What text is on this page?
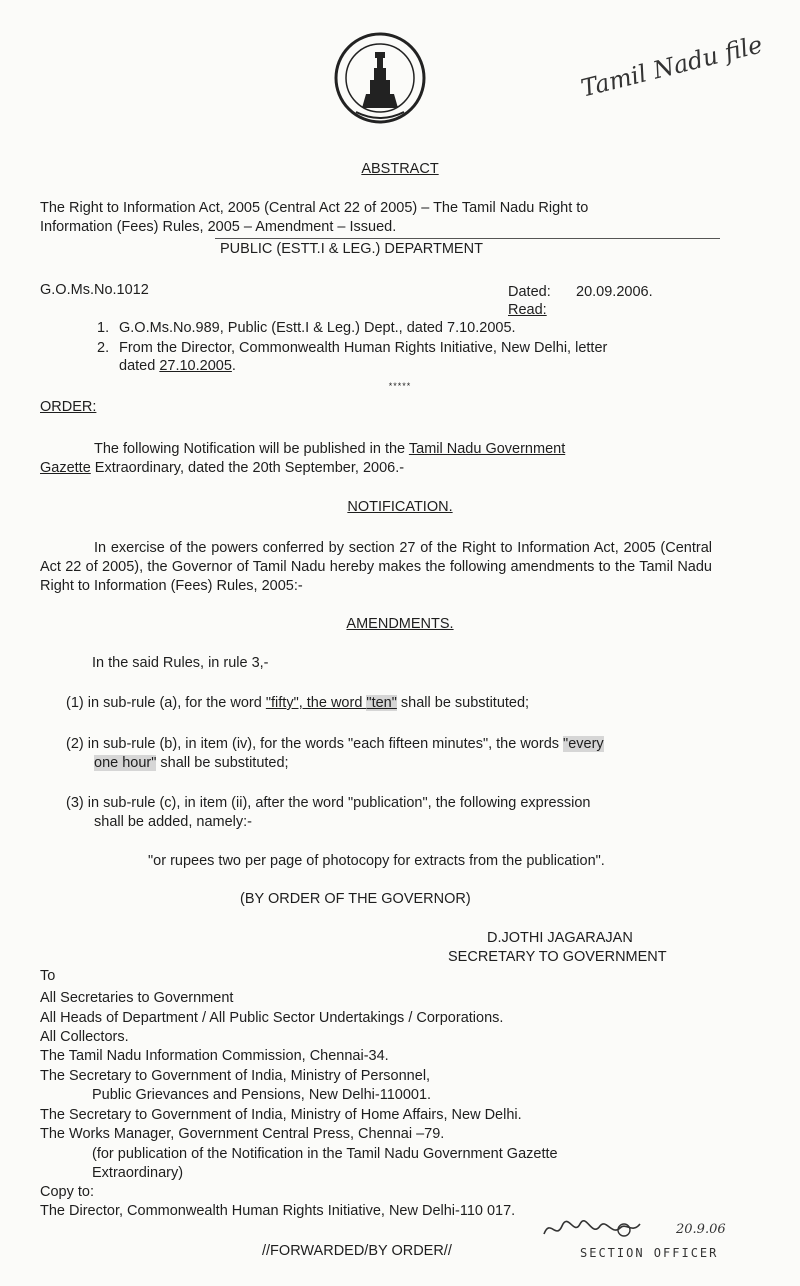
Tamil Nadu file
ABSTRACT
The Right to Information Act, 2005 (Central Act 22 of 2005) – The Tamil Nadu Right to
Information (Fees) Rules, 2005 – Amendment – Issued.
PUBLIC (ESTT.I & LEG.) DEPARTMENT
G.O.Ms.No.1012	Dated: 20.09.2006.
Read:
1. G.O.Ms.No.989, Public (Estt.I & Leg.) Dept., dated 7.10.2005.
2. From the Director, Commonwealth Human Rights Initiative, New Delhi, letter
dated 27.10.2005.
*****
ORDER:
The following Notification will be published in the Tamil Nadu Government
Gazette Extraordinary, dated the 20th September, 2006.-
NOTIFICATION.
In exercise of the powers conferred by section 27 of the Right to Information Act, 2005 (Central Act 22 of 2005), the Governor of Tamil Nadu hereby makes the following amendments to the Tamil Nadu Right to Information (Fees) Rules, 2005:-
AMENDMENTS.
In the said Rules, in rule 3,-
(1) in sub-rule (a), for the word "fifty", the word "ten" shall be substituted;
(2) in sub-rule (b), in item (iv), for the words "each fifteen minutes", the words "every
one hour" shall be substituted;
(3) in sub-rule (c), in item (ii), after the word "publication", the following expression
shall be added, namely:-
"or rupees two per page of photocopy for extracts from the publication".
(BY ORDER OF THE GOVERNOR)
D.JOTHI JAGARAJAN
SECRETARY TO GOVERNMENT
To
All Secretaries to Government
All Heads of Department / All Public Sector Undertakings / Corporations.
All Collectors.
The Tamil Nadu Information Commission, Chennai-34.
The Secretary to Government of India, Ministry of Personnel,
Public Grievances and Pensions, New Delhi-110001.
The Secretary to Government of India, Ministry of Home Affairs, New Delhi.
The Works Manager, Government Central Press, Chennai –79.
(for publication of the Notification in the Tamil Nadu Government Gazette
Extraordinary)
Copy to:
The Director, Commonwealth Human Rights Initiative, New Delhi-110 017.
//FORWARDED/BY ORDER//
20.9.06
SECTION OFFICER
